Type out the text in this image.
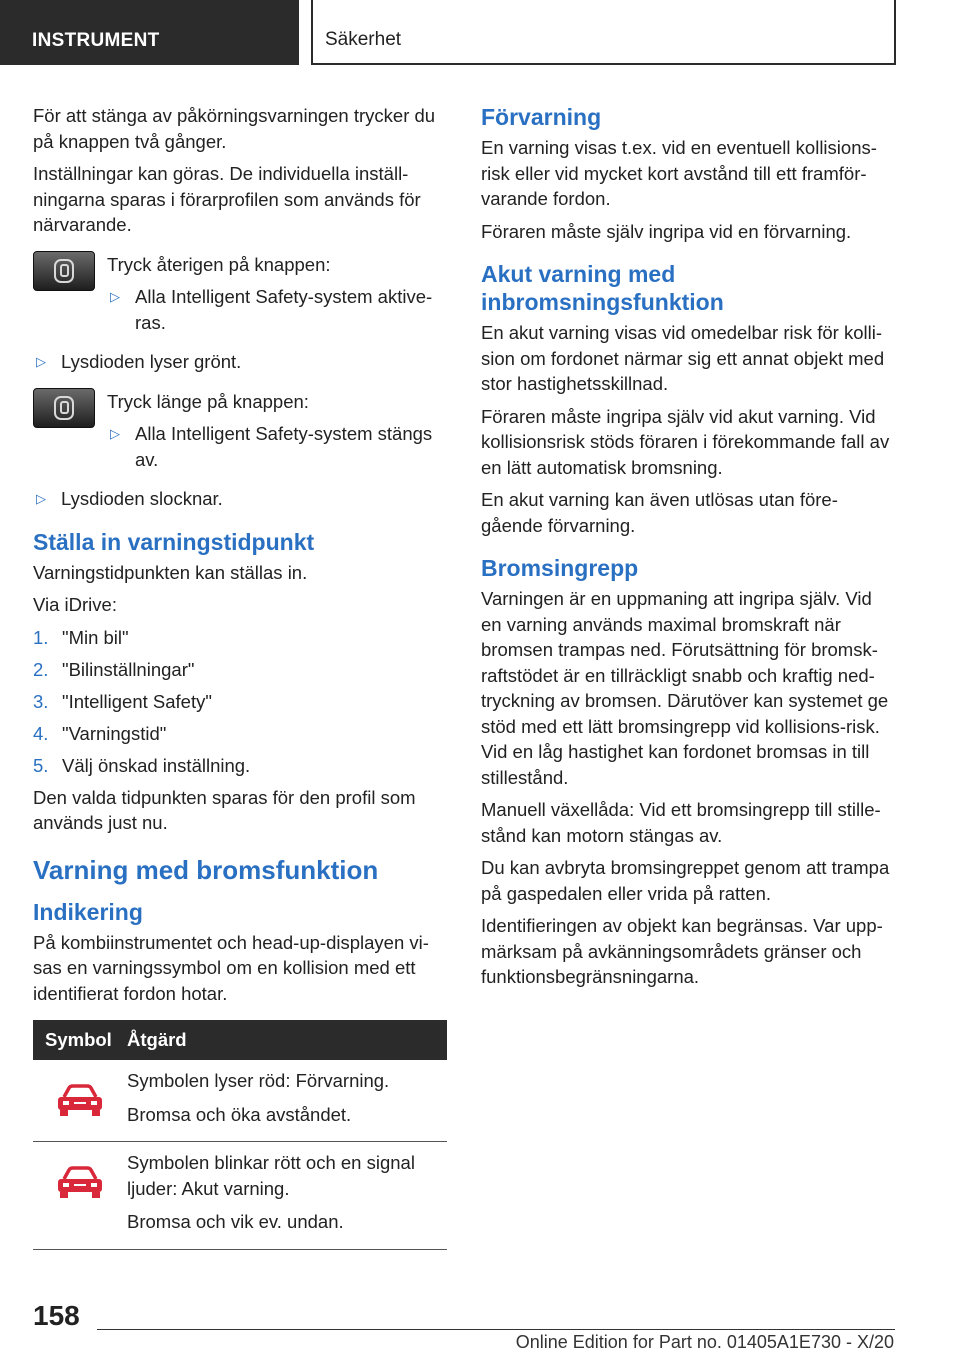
INSTRUMENT	Säkerhet

För att stänga av påkörningsvarningen trycker du på knappen två gånger.

Inställningar kan göras. De individuella inställ-ningarna sparas i förarprofilen som används för närvarande.

Tryck återigen på knappen:
▷ Alla Intelligent Safety-system aktive-ras.
▷ Lysdioden lyser grönt.
Tryck länge på knappen:
▷ Alla Intelligent Safety-system stängs av.
▷ Lysdioden slocknar.
Ställa in varningstidpunkt

Varningstidpunkten kan ställas in.

Via iDrive:

1. "Min bil"
2. "Bilinställningar"
3. "Intelligent Safety"
4. "Varningstid"
5. Välj önskad inställning.

Den valda tidpunkten sparas för den profil som används just nu.

Varning med bromsfunktion
Indikering

På kombiinstrumentet och head-up-displayen vi-sas en varningssymbol om en kollision med ett identifierat fordon hotar.

Symbol Åtgärd

Symbolen lyser röd: Förvarning.

Bromsa och öka avståndet.

Symbolen blinkar rött och en signal ljuder: Akut varning.

Bromsa och vik ev. undan.

Förvarning

En varning visas t.ex. vid en eventuell kollisions-risk eller vid mycket kort avstånd till ett framför-varande fordon.

Föraren måste själv ingripa vid en förvarning.

Akut varning med inbromsningsfunktion

En akut varning visas vid omedelbar risk för kolli-sion om fordonet närmar sig ett annat objekt med stor hastighetsskillnad.

Föraren måste ingripa själv vid akut varning. Vid kollisionsrisk stöds föraren i förekommande fall av en lätt automatisk bromsning.

En akut varning kan även utlösas utan före-gående förvarning.

Bromsingrepp

Varningen är en uppmaning att ingripa själv. Vid en varning används maximal bromskraft när bromsen trampas ned. Förutsättning för bromsk-raftstödet är en tillräckligt snabb och kraftig ned-tryckning av bromsen. Därutöver kan systemet ge stöd med ett lätt bromsingrepp vid kollisions-risk. Vid en låg hastighet kan fordonet bromsas in till stillestånd.

Manuell växellåda: Vid ett bromsingrepp till stille-stånd kan motorn stängas av.

Du kan avbryta bromsingreppet genom att trampa på gaspedalen eller vrida på ratten.

Identifieringen av objekt kan begränsas. Var upp-märksam på avkänningsområdets gränser och funktionsbegränsningarna.

158
Online Edition for Part no. 01405A1E730 - X/20
